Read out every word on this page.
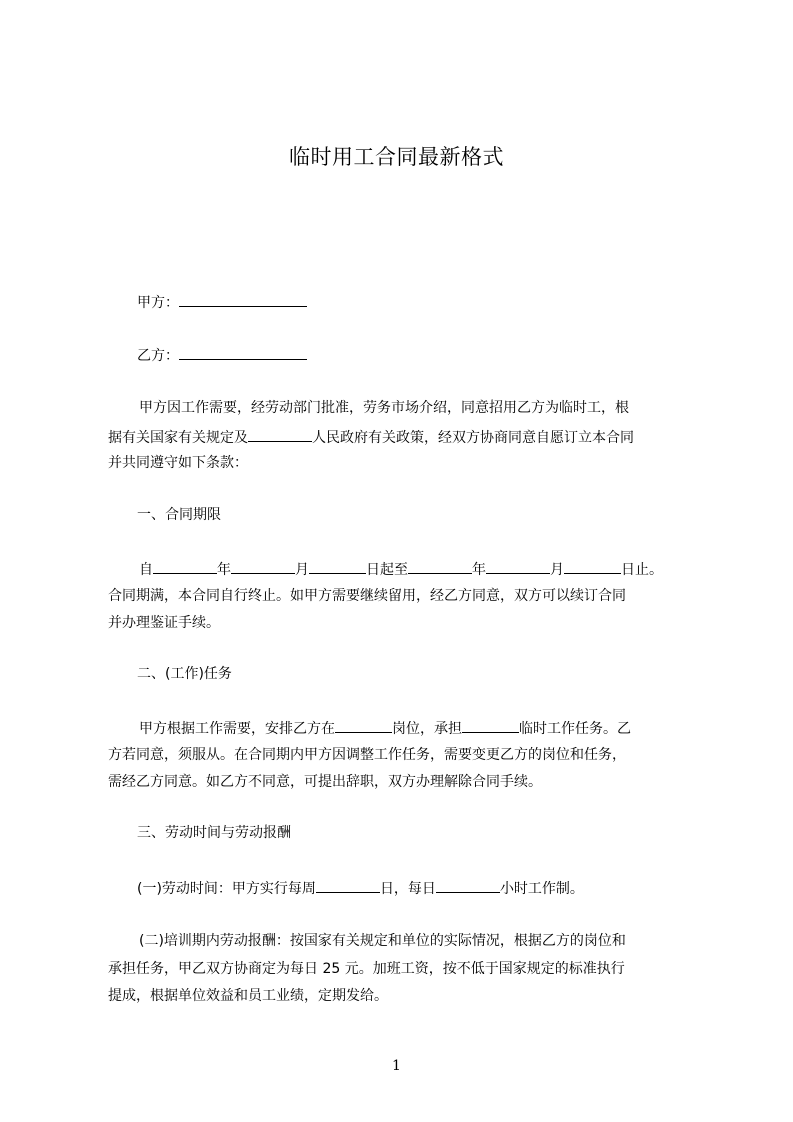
临时用工合同最新格式
甲方：
乙方：
甲方因工作需要，经劳动部门批准，劳务市场介绍，同意招用乙方为临时工，根
据有关国家有关规定及	人民政府有关政策，经双方协商同意自愿订立本合同
并共同遵守如下条款：
一、合同期限
自	年	月	日起至	年	月	日止。
合同期满，本合同自行终止。如甲方需要继续留用，经乙方同意，双方可以续订合同
并办理鉴证手续。
二、(工作)任务
甲方根据工作需要，安排乙方在	岗位，承担	临时工作任务。乙
方若同意，须服从。在合同期内甲方因调整工作任务，需要变更乙方的岗位和任务，
需经乙方同意。如乙方不同意，可提出辞职，双方办理解除合同手续。
三、劳动时间与劳动报酬
(一)劳动时间：甲方实行每周	日，每日	小时工作制。
(二)培训期内劳动报酬：按国家有关规定和单位的实际情况，根据乙方的岗位和
承担任务，甲乙双方协商定为每日 25 元。加班工资，按不低于国家规定的标准执行
提成，根据单位效益和员工业绩，定期发给。
1
